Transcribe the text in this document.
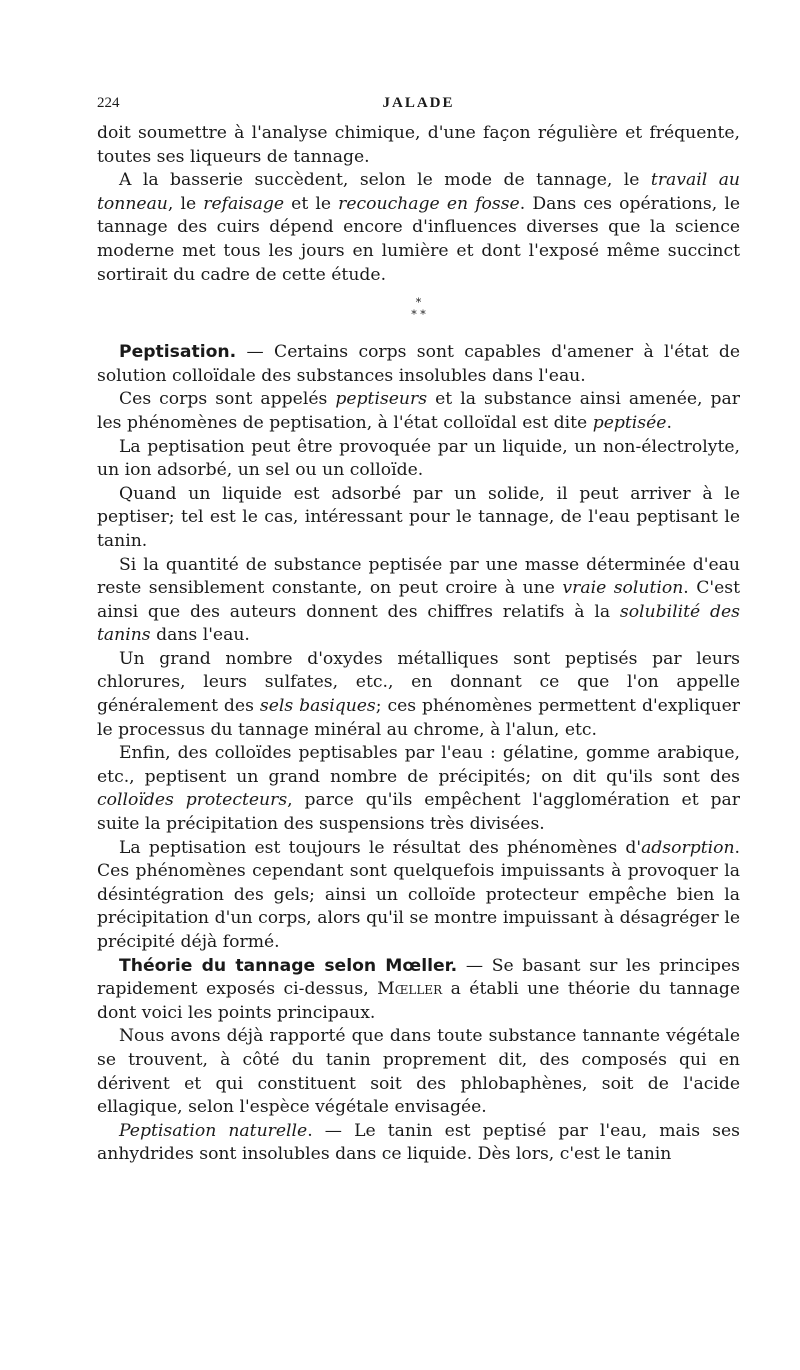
224	JALADE

doit soumettre à l'analyse chimique, d'une façon régulière et fréquente, toutes ses liqueurs de tannage.

A la basserie succèdent, selon le mode de tannage, le travail au tonneau, le refaisage et le recouchage en fosse. Dans ces opérations, le tannage des cuirs dépend encore d'influences diverses que la science moderne met tous les jours en lumière et dont l'exposé même succinct sortirait du cadre de cette étude.

*
* *

Peptisation. — Certains corps sont capables d'amener à l'état de solution colloïdale des substances insolubles dans l'eau.

Ces corps sont appelés peptiseurs et la substance ainsi amenée, par les phénomènes de peptisation, à l'état colloïdal est dite peptisée.

La peptisation peut être provoquée par un liquide, un non-électrolyte, un ion adsorbé, un sel ou un colloïde.

Quand un liquide est adsorbé par un solide, il peut arriver à le peptiser; tel est le cas, intéressant pour le tannage, de l'eau peptisant le tanin.

Si la quantité de substance peptisée par une masse déterminée d'eau reste sensiblement constante, on peut croire à une vraie solution. C'est ainsi que des auteurs donnent des chiffres relatifs à la solubilité des tanins dans l'eau.

Un grand nombre d'oxydes métalliques sont peptisés par leurs chlorures, leurs sulfates, etc., en donnant ce que l'on appelle généralement des sels basiques; ces phénomènes permettent d'expliquer le processus du tannage minéral au chrome, à l'alun, etc.

Enfin, des colloïdes peptisables par l'eau : gélatine, gomme arabique, etc., peptisent un grand nombre de précipités; on dit qu'ils sont des colloïdes protecteurs, parce qu'ils empêchent l'agglomération et par suite la précipitation des suspensions très divisées.

La peptisation est toujours le résultat des phénomènes d'adsorption. Ces phénomènes cependant sont quelquefois impuissants à provoquer la désintégration des gels; ainsi un colloïde protecteur empêche bien la précipitation d'un corps, alors qu'il se montre impuissant à désagréger le précipité déjà formé.

Théorie du tannage selon Mœller. — Se basant sur les principes rapidement exposés ci-dessus, Mœller a établi une théorie du tannage dont voici les points principaux.

Nous avons déjà rapporté que dans toute substance tannante végétale se trouvent, à côté du tanin proprement dit, des composés qui en dérivent et qui constituent soit des phlobaphènes, soit de l'acide ellagique, selon l'espèce végétale envisagée.

Peptisation naturelle. — Le tanin est peptisé par l'eau, mais ses anhydrides sont insolubles dans ce liquide. Dès lors, c'est le tanin
